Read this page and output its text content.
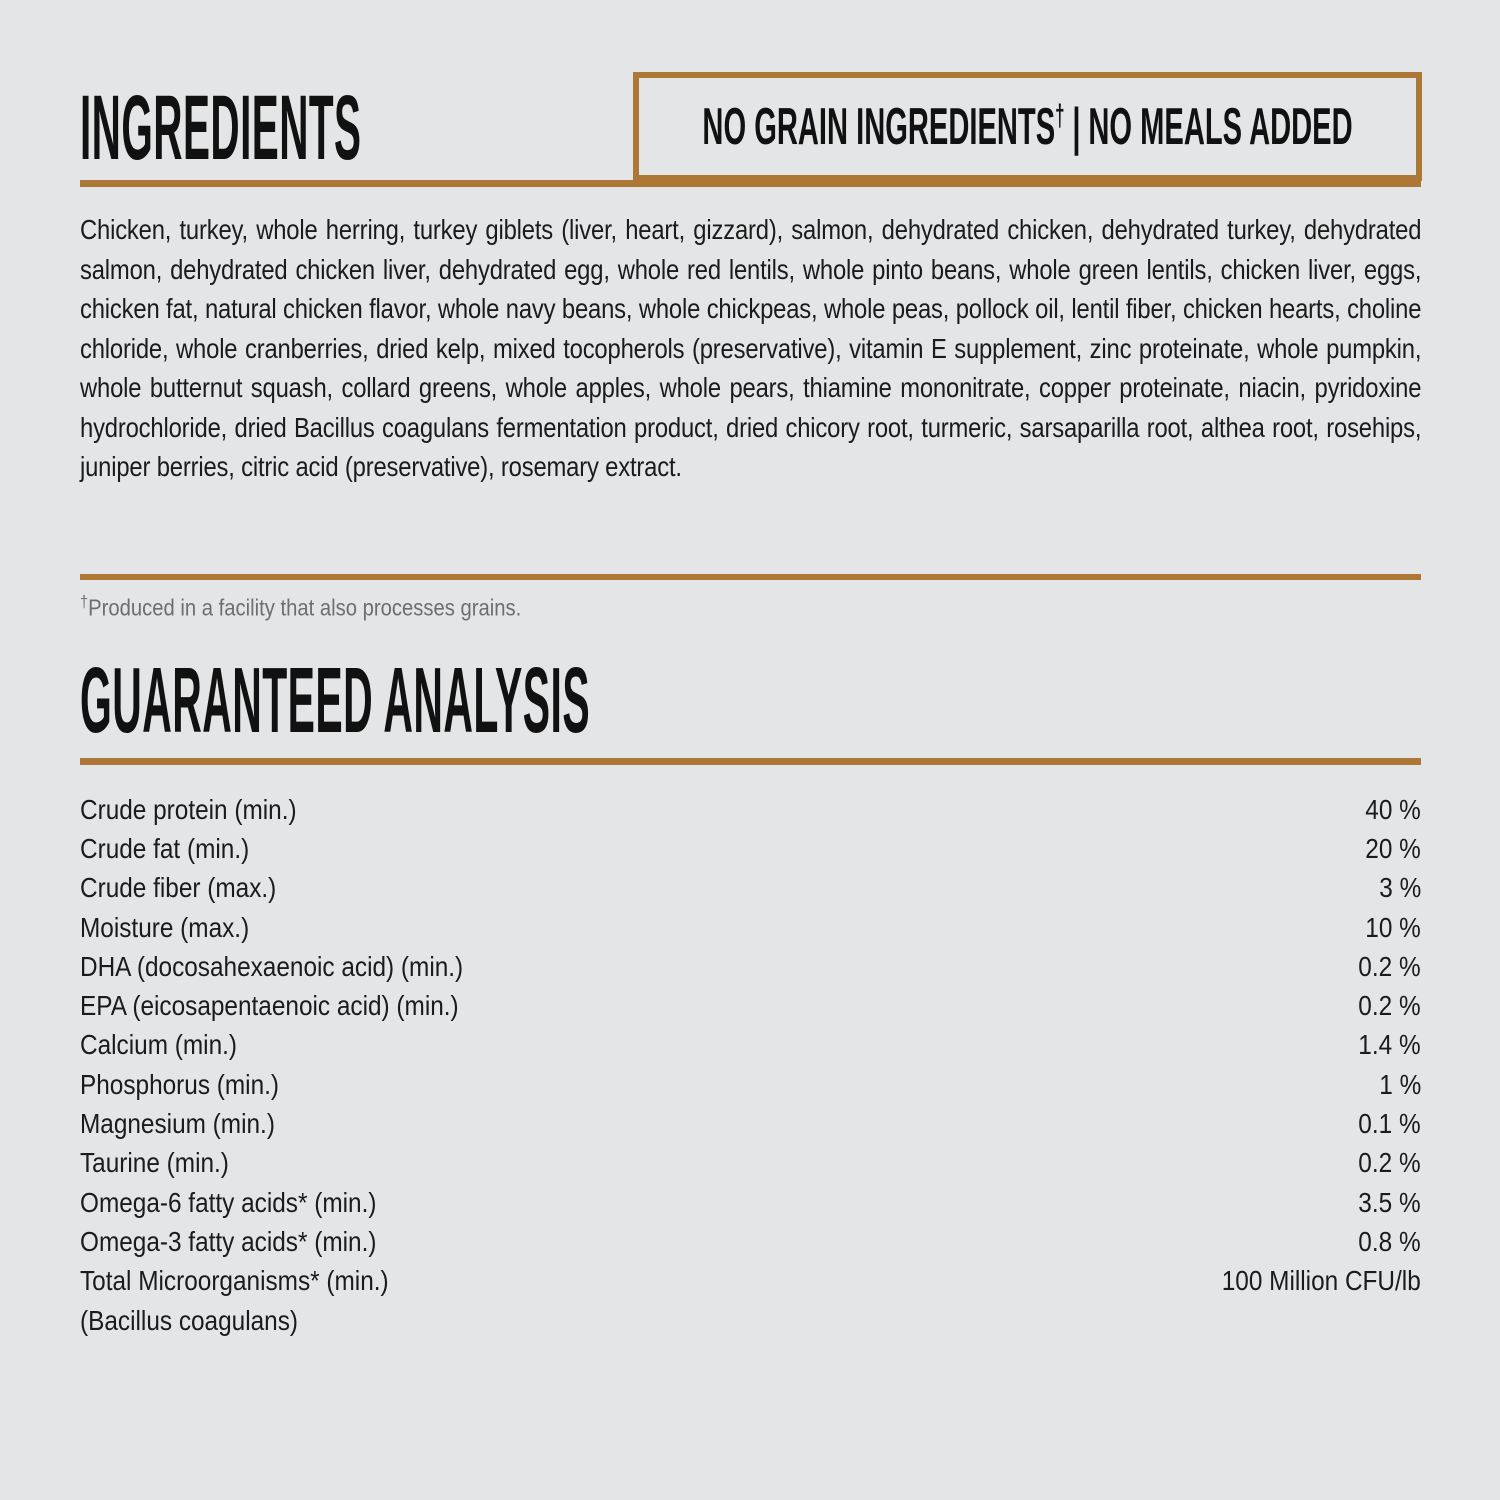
INGREDIENTS	NO GRAIN INGREDIENTS† | NO MEALS ADDED
Chicken, turkey, whole herring, turkey giblets (liver, heart, gizzard), salmon, dehydrated chicken, dehydrated turkey, dehydrated salmon, dehydrated chicken liver, dehydrated egg, whole red lentils, whole pinto beans, whole green lentils, chicken liver, eggs, chicken fat, natural chicken flavor, whole navy beans, whole chickpeas, whole peas, pollock oil, lentil fiber, chicken hearts, choline chloride, whole cranberries, dried kelp, mixed tocopherols (preservative), vitamin E supplement, zinc proteinate, whole pumpkin, whole butternut squash, collard greens, whole apples, whole pears, thiamine mononitrate, copper proteinate, niacin, pyridoxine hydrochloride, dried Bacillus coagulans fermentation product, dried chicory root, turmeric, sarsaparilla root, althea root, rosehips, juniper berries, citric acid (preservative), rosemary extract.
†Produced in a facility that also processes grains.
GUARANTEED ANALYSIS
Crude protein (min.)	40 %
Crude fat (min.)	20 %
Crude fiber (max.)	3 %
Moisture (max.)	10 %
DHA (docosahexaenoic acid) (min.)	0.2 %
EPA (eicosapentaenoic acid) (min.)	0.2 %
Calcium (min.)	1.4 %
Phosphorus (min.)	1 %
Magnesium (min.)	0.1 %
Taurine (min.)	0.2 %
Omega-6 fatty acids* (min.)	3.5 %
Omega-3 fatty acids* (min.)	0.8 %
Total Microorganisms* (min.)	100 Million CFU/lb
(Bacillus coagulans)
